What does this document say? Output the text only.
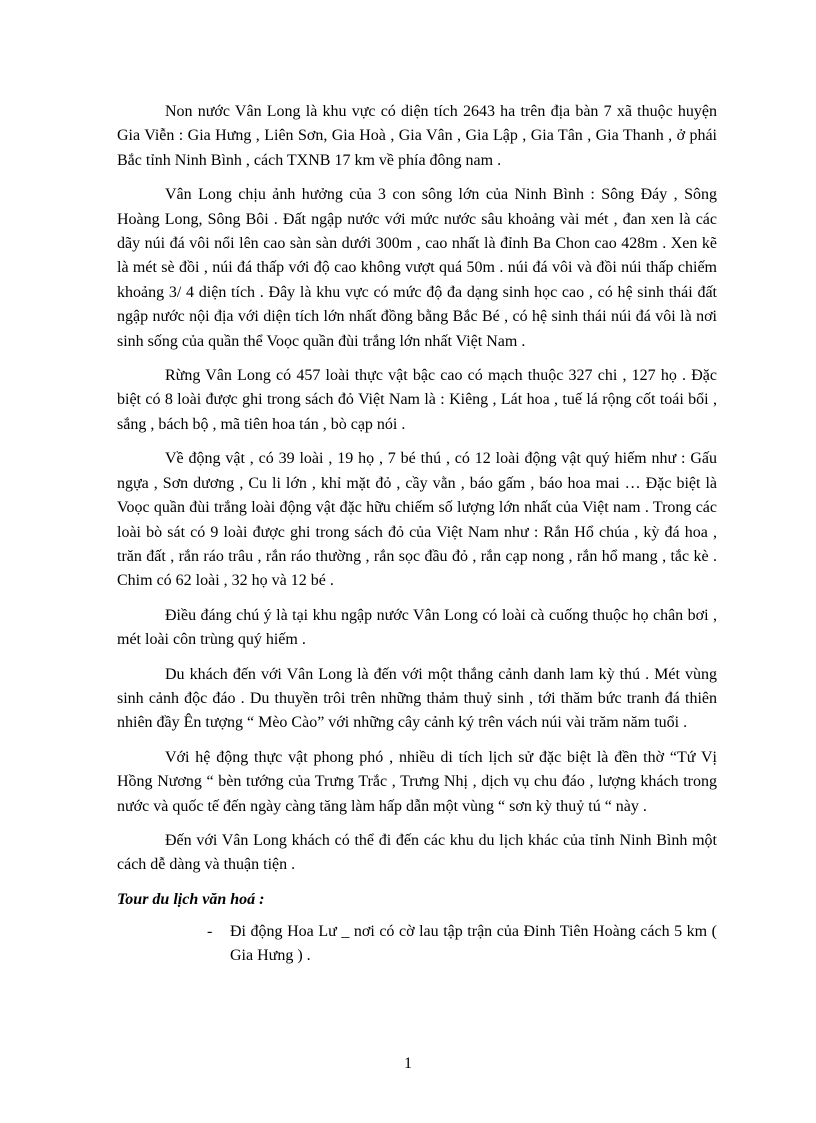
Non nước Vân Long là khu vực có diện tích 2643 ha trên địa bàn 7 xã thuộc huyện Gia Viễn : Gia Hưng , Liên Sơn, Gia Hoà , Gia Vân , Gia Lập , Gia Tân , Gia Thanh , ở phái Bắc tỉnh Ninh Bình , cách TXNB 17 km về phía đông nam .

Vân Long chịu ảnh hưởng của 3 con sông lớn của Ninh Bình : Sông Đáy , Sông Hoàng Long, Sông Bôi . Đất ngập nước với mức nước sâu khoảng vài mét , đan xen là các dãy núi đá vôi nổi lên cao sàn sàn dưới 300m , cao nhất là đỉnh Ba Chon cao 428m . Xen kẽ là mét sè đồi , núi đá thấp với độ cao không vượt quá 50m . núi đá vôi và đồi núi thấp chiếm khoảng 3/ 4 diện tích . Đây là khu vực có mức độ đa dạng sinh học cao , có hệ sinh thái đất ngập nước nội địa với diện tích lớn nhất đồng bằng Bắc Bé , có hệ sinh thái núi đá vôi là nơi sinh sống của quần thể Voọc quần đùi trắng lớn nhất Việt Nam .

Rừng Vân Long có 457 loài thực vật bậc cao có mạch thuộc 327 chi , 127 họ . Đặc biệt có 8 loài được ghi trong sách đỏ Việt Nam là : Kiêng , Lát hoa , tuế lá rộng cốt toái bổi , sắng , bách bộ , mã tiên hoa tán , bò cạp nói .

Về động vật , có 39 loài , 19 họ , 7 bé thú , có 12 loài động vật quý hiếm như : Gấu ngựa , Sơn dương , Cu li lớn , khỉ mặt đỏ , cầy vằn , báo gấm , báo hoa mai … Đặc biệt là Voọc quần đùi trắng loài động vật đặc hữu chiếm số lượng lớn nhất của Việt nam . Trong các loài bò sát có 9 loài được ghi trong sách đỏ của Việt Nam như : Rắn Hổ chúa , kỳ đá hoa , trăn đất , rắn ráo trâu , rắn ráo thường , rắn sọc đầu đỏ , rắn cạp nong , rắn hổ mang , tắc kè . Chim có 62 loài , 32 họ và 12 bé .

Điều đáng chú ý là tại khu ngập nước Vân Long có loài cà cuống thuộc họ chân bơi , mét loài côn trùng quý hiếm .

Du khách đến với Vân Long là đến với một thắng cảnh danh lam kỳ thú . Mét vùng sinh cảnh độc đáo . Du thuyền trôi trên những thảm thuỷ sinh , tới thăm bức tranh đá thiên nhiên đầy Ên tượng “ Mèo Cào” với những cây cảnh ký trên vách núi vài trăm năm tuổi .

Với hệ động thực vật phong phó , nhiều di tích lịch sử đặc biệt là đền thờ “Tứ Vị Hồng Nương “ bèn tướng của Trưng Trắc , Trưng Nhị , dịch vụ chu đáo , lượng khách trong nước và quốc tế đến ngày càng tăng làm hấp dẫn một vùng “ sơn kỳ thuỷ tú “ này .

Đến với Vân Long khách có thể đi đến các khu du lịch khác của tỉnh Ninh Bình một cách dễ dàng và thuận tiện .

Tour du lịch văn hoá :

- Đi động Hoa Lư _ nơi có cờ lau tập trận của Đinh Tiên Hoàng cách 5 km ( Gia Hưng ) .
1
